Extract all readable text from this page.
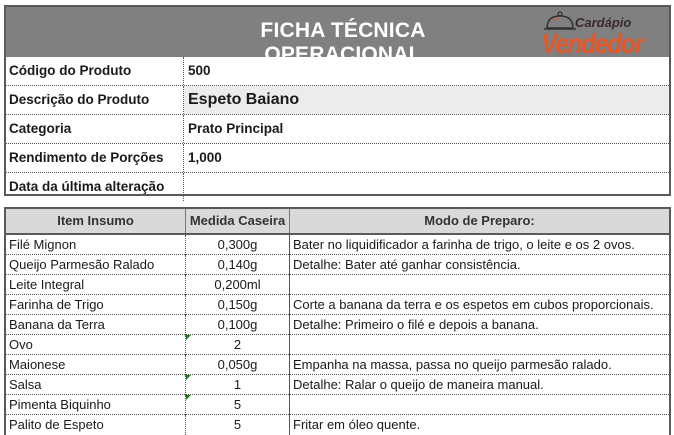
FICHA TÉCNICA OPERACIONAL
Cardápio
Vendedor
Código do Produto	500
Descrição do Produto	Espeto Baiano
Categoria	Prato Principal
Rendimento de Porções	1,000
Data da última alteração
Item Insumo	Medida Caseira	Modo de Preparo:
Filé Mignon	0,300g	Bater no liquidificador a farinha de trigo, o leite e os 2 ovos.
Queijo Parmesão Ralado	0,140g	Detalhe: Bater até ganhar consistência.
Leite Integral	0,200ml
Farinha de Trigo	0,150g	Corte a banana da terra e os espetos em cubos proporcionais.
Banana da Terra	0,100g	Detalhe: Primeiro o filé e depois a banana.
Ovo	2
Maionese	0,050g	Empanha na massa, passa no queijo parmesão ralado.
Salsa	1	Detalhe: Ralar o queijo de maneira manual.
Pimenta Biquinho	5
Palito de Espeto	5	Fritar em óleo quente.
